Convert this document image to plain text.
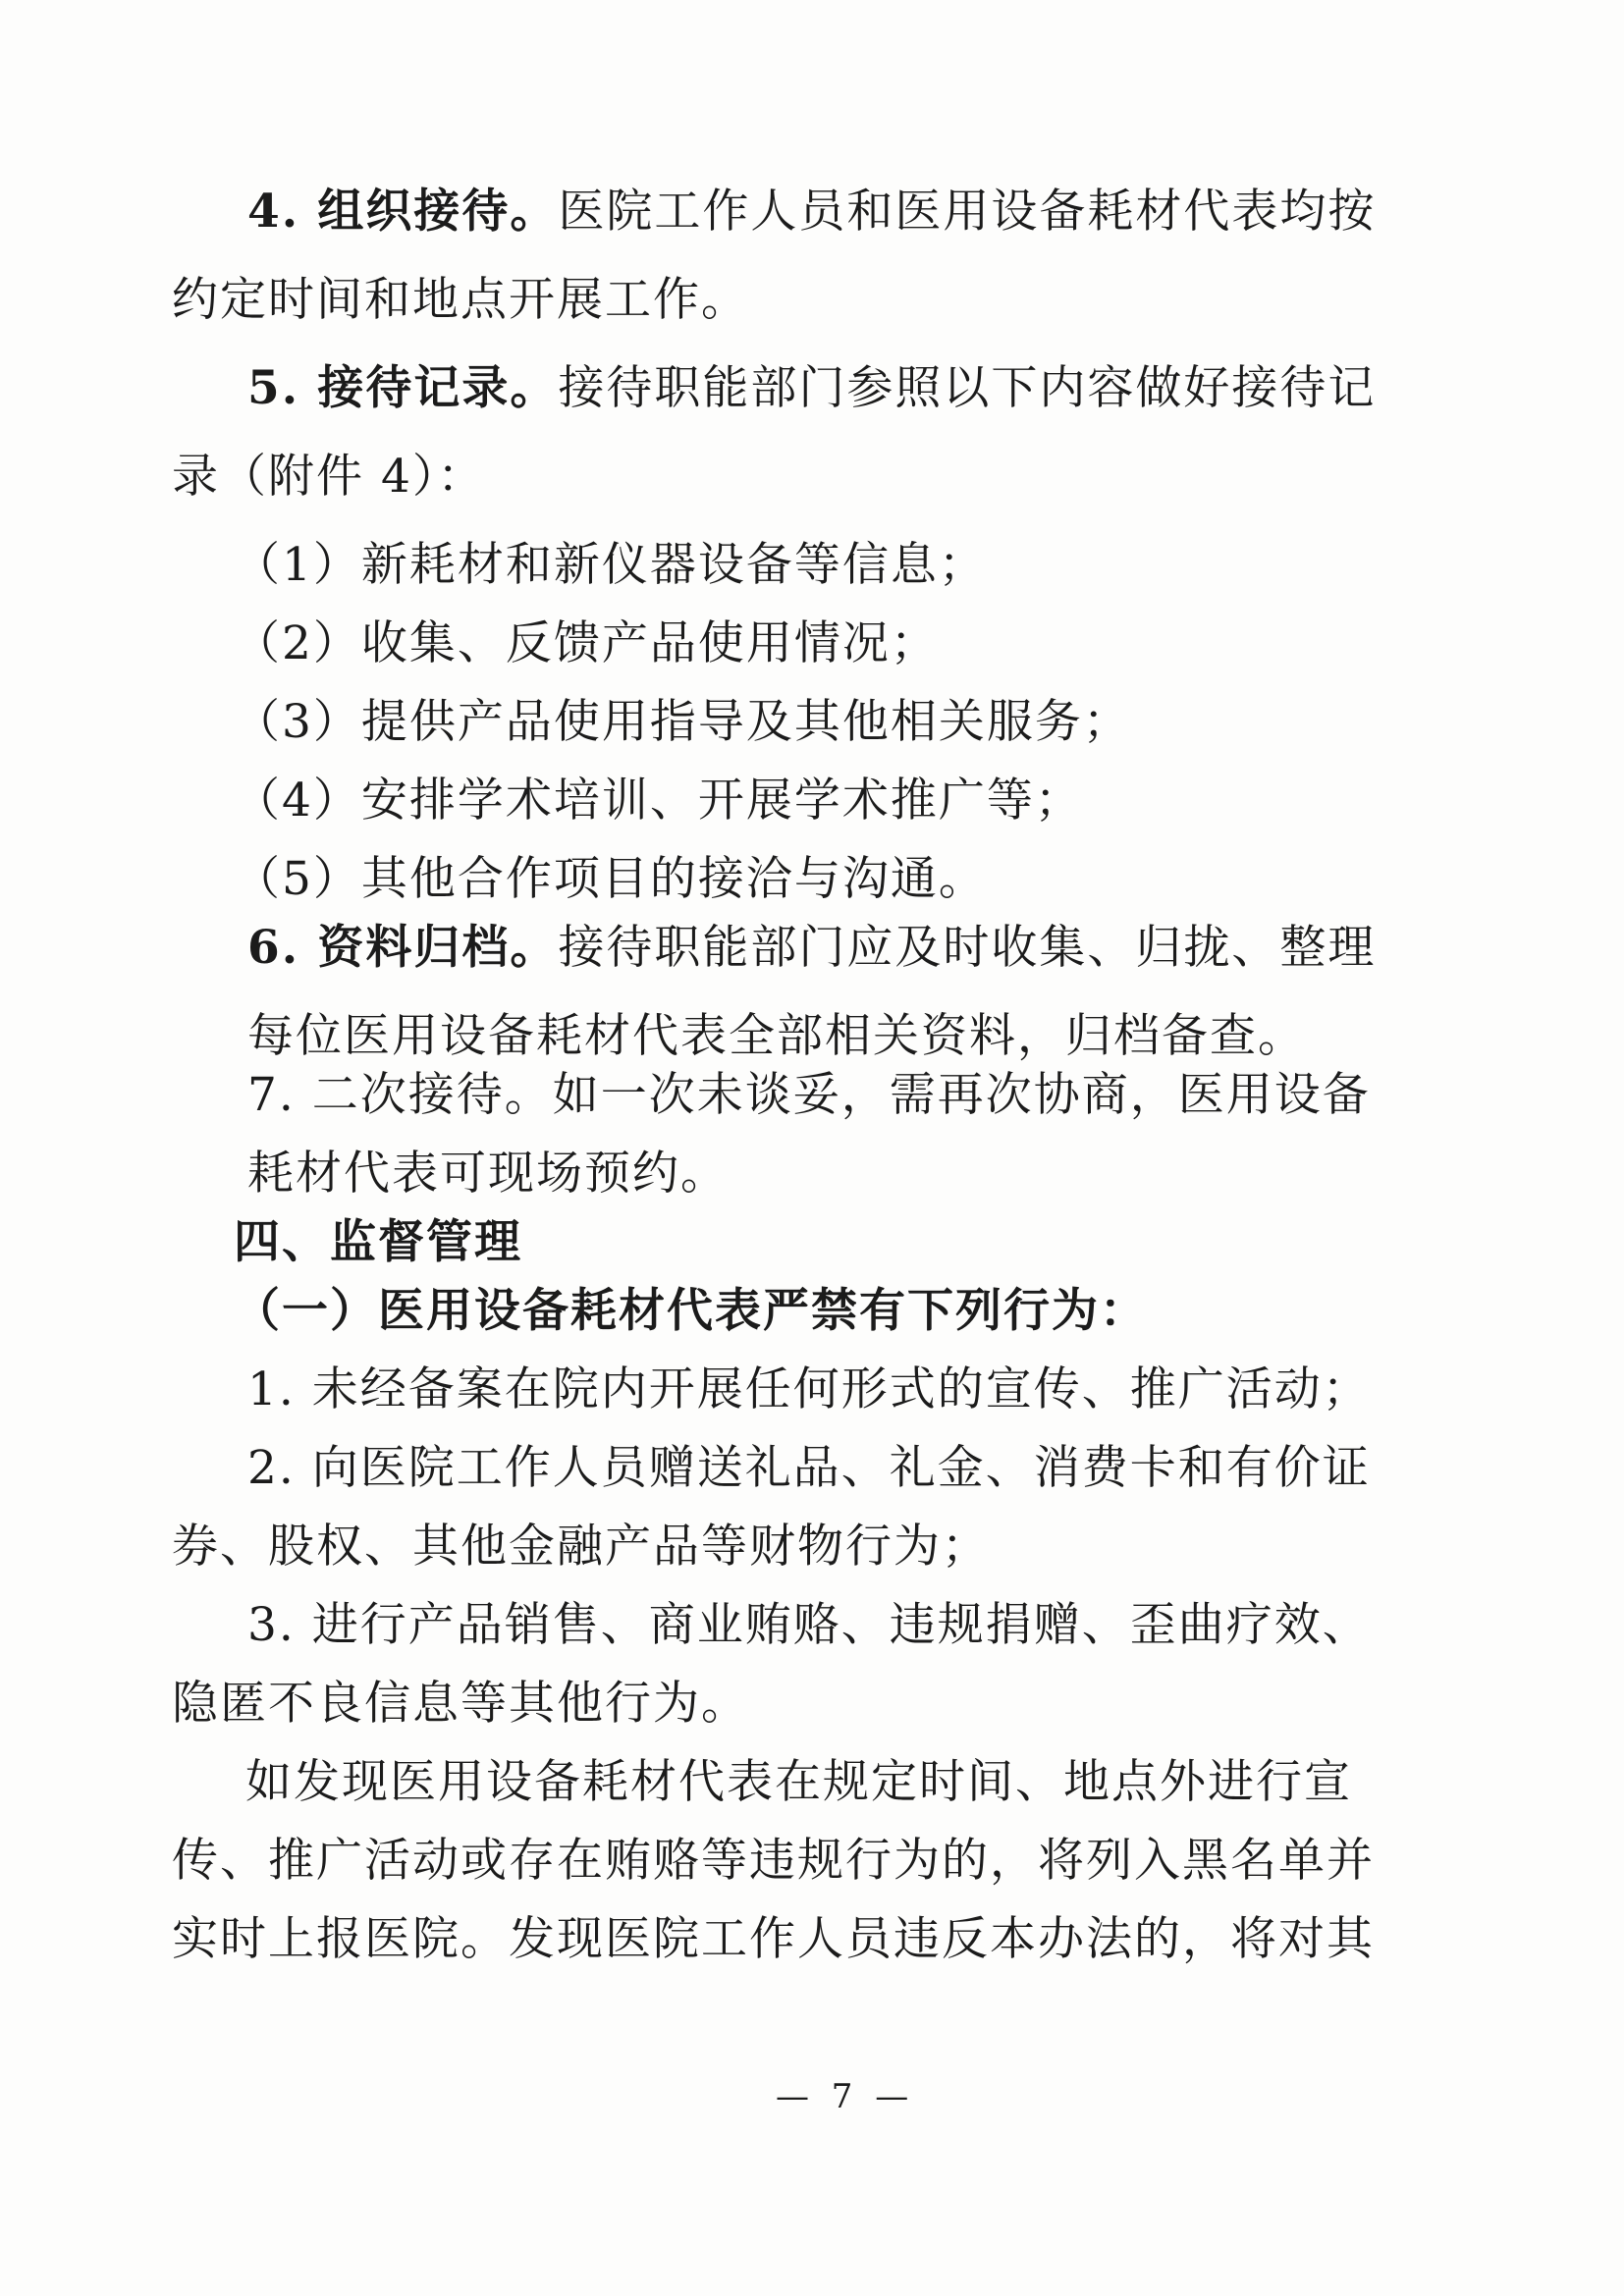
4. 组织接待。医院工作人员和医用设备耗材代表均按
约定时间和地点开展工作。
5. 接待记录。接待职能部门参照以下内容做好接待记
录（附件 4）：
（1）新耗材和新仪器设备等信息；
（2）收集、反馈产品使用情况；
（3）提供产品使用指导及其他相关服务；
（4）安排学术培训、开展学术推广等；
（5）其他合作项目的接洽与沟通。
6. 资料归档。接待职能部门应及时收集、归拢、整理
每位医用设备耗材代表全部相关资料，归档备查。
7. 二次接待。如一次未谈妥，需再次协商，医用设备
耗材代表可现场预约。
四、监督管理
（一）医用设备耗材代表严禁有下列行为：
1. 未经备案在院内开展任何形式的宣传、推广活动；
2. 向医院工作人员赠送礼品、礼金、消费卡和有价证
券、股权、其他金融产品等财物行为；
3. 进行产品销售、商业贿赂、违规捐赠、歪曲疗效、
隐匿不良信息等其他行为。
如发现医用设备耗材代表在规定时间、地点外进行宣
传、推广活动或存在贿赂等违规行为的，将列入黑名单并
实时上报医院。发现医院工作人员违反本办法的，将对其
— 7 —
